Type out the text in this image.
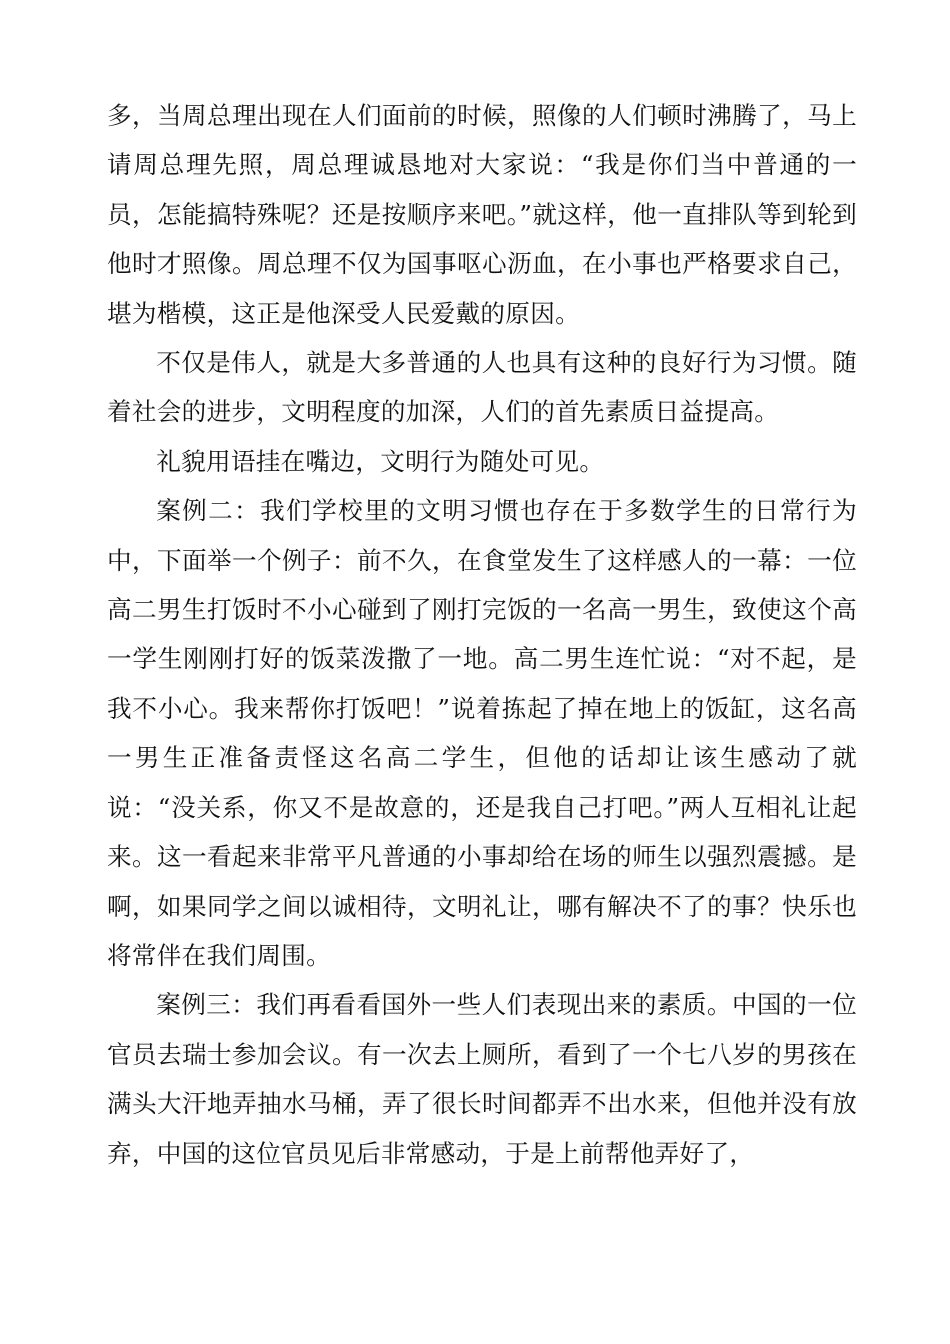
多，当周总理出现在人们面前的时候，照像的人们顿时沸腾了，马上请周总理先照，周总理诚恳地对大家说：“我是你们当中普通的一员，怎能搞特殊呢？还是按顺序来吧。”就这样，他一直排队等到轮到他时才照像。周总理不仅为国事呕心沥血，在小事也严格要求自己，堪为楷模，这正是他深受人民爱戴的原因。

不仅是伟人，就是大多普通的人也具有这种的良好行为习惯。随着社会的进步，文明程度的加深，人们的首先素质日益提高。

礼貌用语挂在嘴边，文明行为随处可见。

案例二：我们学校里的文明习惯也存在于多数学生的日常行为中，下面举一个例子：前不久，在食堂发生了这样感人的一幕：一位高二男生打饭时不小心碰到了刚打完饭的一名高一男生，致使这个高一学生刚刚打好的饭菜泼撒了一地。高二男生连忙说：“对不起，是我不小心。我来帮你打饭吧！”说着拣起了掉在地上的饭缸，这名高一男生正准备责怪这名高二学生，但他的话却让该生感动了就说：“没关系，你又不是故意的，还是我自己打吧。”两人互相礼让起来。这一看起来非常平凡普通的小事却给在场的师生以强烈震撼。是啊，如果同学之间以诚相待，文明礼让，哪有解决不了的事？快乐也将常伴在我们周围。

案例三：我们再看看国外一些人们表现出来的素质。中国的一位官员去瑞士参加会议。有一次去上厕所，看到了一个七八岁的男孩在满头大汗地弄抽水马桶，弄了很长时间都弄不出水来，但他并没有放弃，中国的这位官员见后非常感动，于是上前帮他弄好了，
